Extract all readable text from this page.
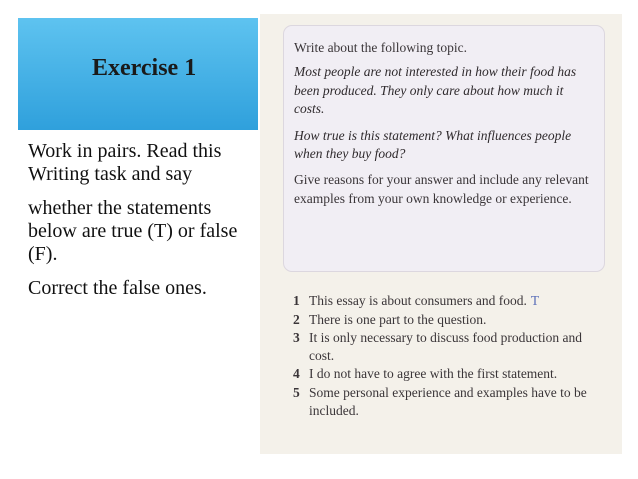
Exercise 1

Work in pairs. Read this Writing task and say

whether the statements below are true (T) or false (F).

Correct the false ones.

Write about the following topic.

Most people are not interested in how their food has been produced. They only care about how much it costs.

How true is this statement? What influences people when they buy food?

Give reasons for your answer and include any relevant examples from your own knowledge or experience.

1 This essay is about consumers and food. T
2 There is one part to the question.
3 It is only necessary to discuss food production and cost.
4 I do not have to agree with the first statement.
5 Some personal experience and examples have to be included.
